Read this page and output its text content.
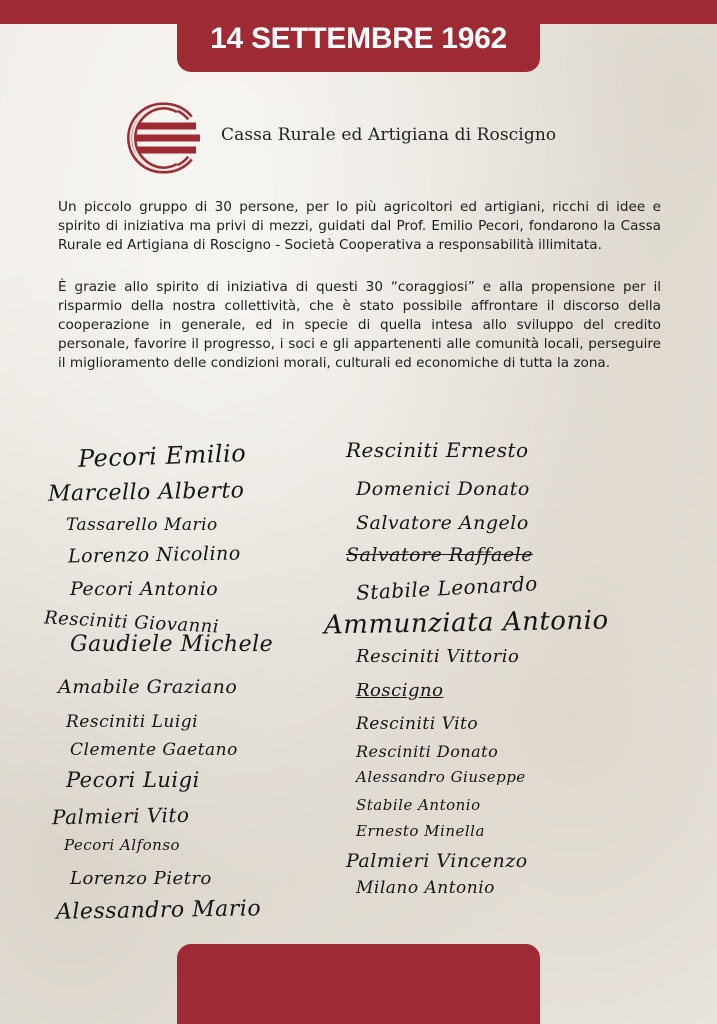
14 SETTEMBRE 1962
Cassa Rurale ed Artigiana di Roscigno

Un piccolo gruppo di 30 persone, per lo più agricoltori ed artigiani, ricchi di idee e spirito di iniziativa ma privi di mezzi, guidati dal Prof. Emilio Pecori, fondarono la Cassa Rurale ed Artigiana di Roscigno - Società Cooperativa a responsabilità illimitata.

È grazie allo spirito di iniziativa di questi 30 “coraggiosi” e alla propensione per il risparmio della nostra collettività, che è stato possibile affrontare il discorso della cooperazione in generale, ed in specie di quella intesa allo sviluppo del credito personale, favorire il progresso, i soci e gli appartenenti alle comunità locali, perseguire il miglioramento delle condizioni morali, culturali ed economiche di tutta la zona.

Pecori Emilio
Marcello Alberto
Tassarello Mario
Lorenzo Nicolino
Pecori Antonio
Resciniti Giovanni
Gaudiele Michele
Amabile Graziano
Resciniti Luigi
Clemente Gaetano
Pecori Luigi
Palmieri Vito
Pecori Alfonso
Lorenzo Pietro
Alessandro Mario
Resciniti Ernesto
Domenici Donato
Salvatore Angelo
Salvatore Raffaele
Stabile Leonardo
Ammunziata Antonio
Resciniti Vittorio
Roscigno
Resciniti Vito
Resciniti Donato
Alessandro Giuseppe
Stabile Antonio
Ernesto Minella
Palmieri Vincenzo
Milano Antonio
